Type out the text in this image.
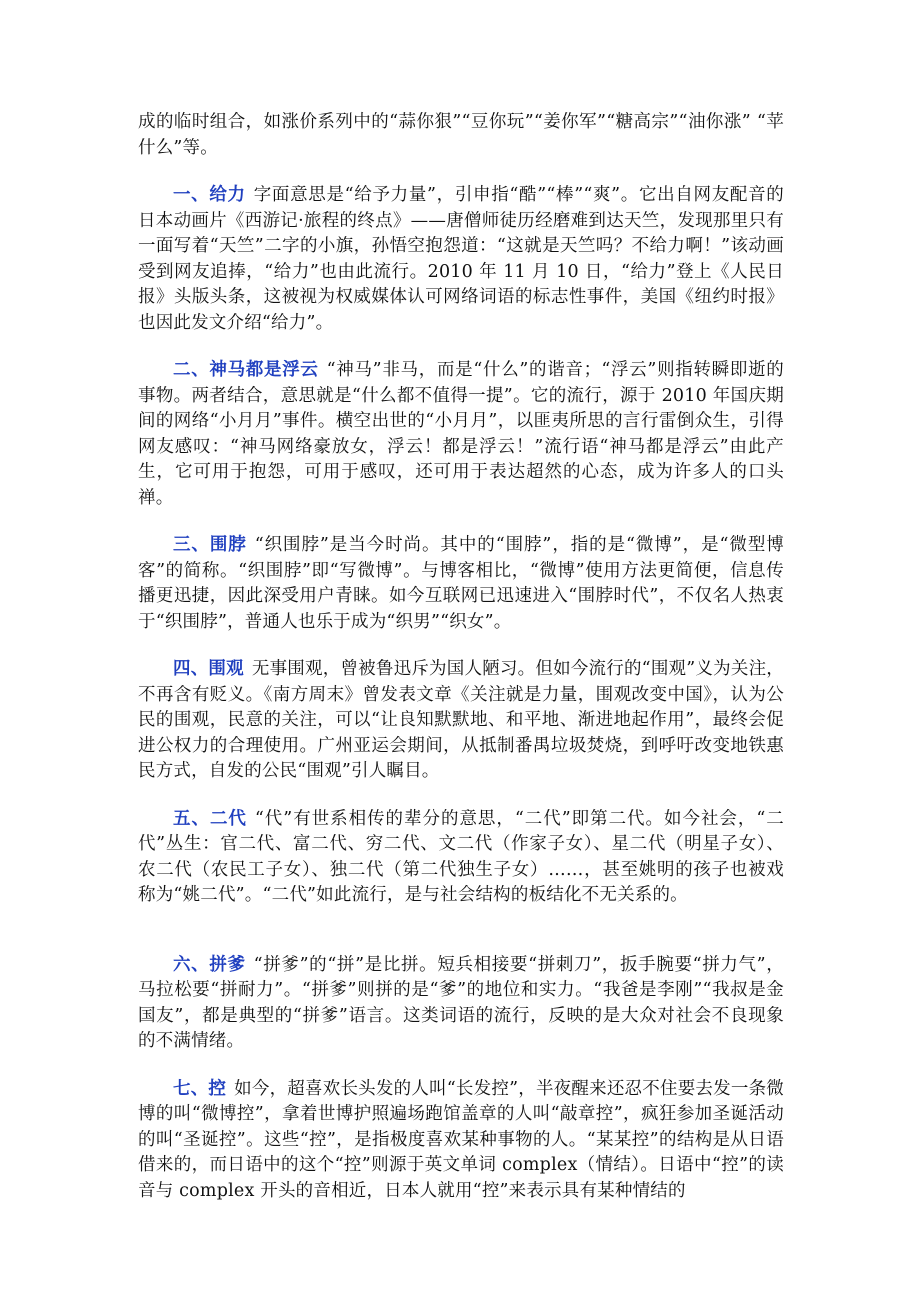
成的临时组合，如涨价系列中的“蒜你狠”“豆你玩”“姜你军”“糖高宗”“油你涨” “苹什么”等。

一、给力 字面意思是“给予力量”，引申指“酷”“棒”“爽”。它出自网友配音的日本动画片《西游记·旅程的终点》——唐僧师徒历经磨难到达天竺，发现那里只有一面写着“天竺”二字的小旗，孙悟空抱怨道：“这就是天竺吗？不给力啊！”该动画受到网友追捧，“给力”也由此流行。2010 年 11 月 10 日，“给力”登上《人民日报》头版头条，这被视为权威媒体认可网络词语的标志性事件，美国《纽约时报》也因此发文介绍“给力”。

二、神马都是浮云 “神马”非马，而是“什么”的谐音；“浮云”则指转瞬即逝的事物。两者结合，意思就是“什么都不值得一提”。它的流行，源于 2010 年国庆期间的网络“小月月”事件。横空出世的“小月月”，以匪夷所思的言行雷倒众生，引得网友感叹：“神马网络豪放女，浮云！都是浮云！”流行语“神马都是浮云”由此产生，它可用于抱怨，可用于感叹，还可用于表达超然的心态，成为许多人的口头禅。

三、围脖 “织围脖”是当今时尚。其中的“围脖”，指的是“微博”，是“微型博客”的简称。“织围脖”即“写微博”。与博客相比，“微博”使用方法更简便，信息传播更迅捷，因此深受用户青睐。如今互联网已迅速进入“围脖时代”，不仅名人热衷于“织围脖”，普通人也乐于成为“织男”“织女”。

四、围观 无事围观，曾被鲁迅斥为国人陋习。但如今流行的“围观”义为关注，不再含有贬义。《南方周末》曾发表文章《关注就是力量，围观改变中国》，认为公民的围观，民意的关注，可以“让良知默默地、和平地、渐进地起作用”，最终会促进公权力的合理使用。广州亚运会期间，从抵制番禺垃圾焚烧，到呼吁改变地铁惠民方式，自发的公民“围观”引人瞩目。

五、二代 “代”有世系相传的辈分的意思，“二代”即第二代。如今社会，“二代”丛生：官二代、富二代、穷二代、文二代（作家子女）、星二代（明星子女）、农二代（农民工子女）、独二代（第二代独生子女）……，甚至姚明的孩子也被戏称为“姚二代”。“二代”如此流行，是与社会结构的板结化不无关系的。

六、拼爹 “拼爹”的“拼”是比拼。短兵相接要“拼刺刀”，扳手腕要“拼力气”，马拉松要“拼耐力”。“拼爹”则拼的是“爹”的地位和实力。“我爸是李刚”“我叔是金国友”，都是典型的“拼爹”语言。这类词语的流行，反映的是大众对社会不良现象的不满情绪。

七、控 如今，超喜欢长头发的人叫“长发控”，半夜醒来还忍不住要去发一条微博的叫“微博控”，拿着世博护照遍场跑馆盖章的人叫“敲章控”，疯狂参加圣诞活动的叫“圣诞控”。这些“控”，是指极度喜欢某种事物的人。“某某控”的结构是从日语借来的，而日语中的这个“控”则源于英文单词 complex（情结）。日语中“控”的读音与 complex 开头的音相近，日本人就用“控”来表示具有某种情结的
